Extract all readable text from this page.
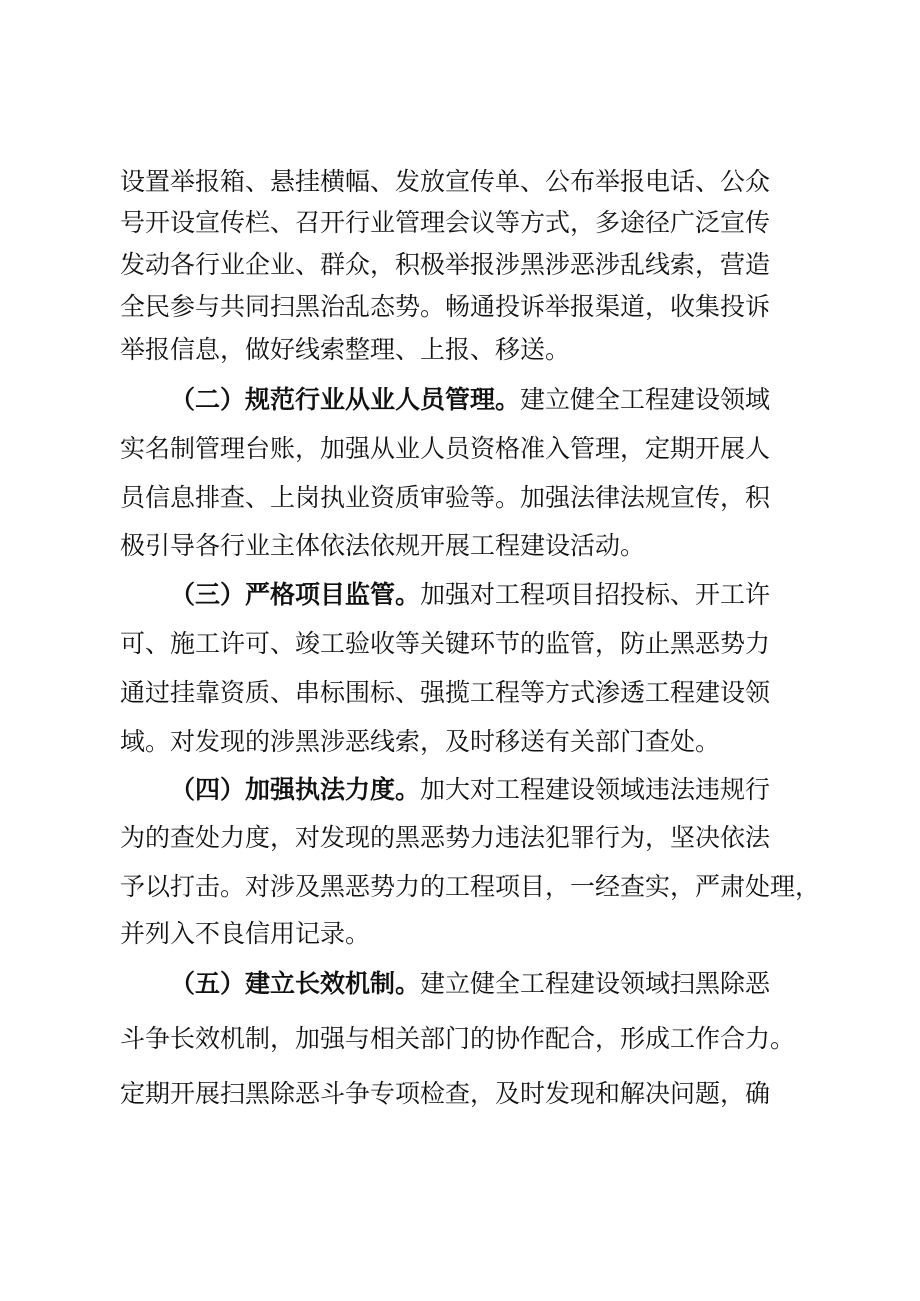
设置举报箱、悬挂横幅、发放宣传单、公布举报电话、公众
号开设宣传栏、召开行业管理会议等方式，多途径广泛宣传
发动各行业企业、群众，积极举报涉黑涉恶涉乱线索，营造
全民参与共同扫黑治乱态势。畅通投诉举报渠道，收集投诉
举报信息，做好线索整理、上报、移送。
（二）规范行业从业人员管理。建立健全工程建设领域
实名制管理台账，加强从业人员资格准入管理，定期开展人
员信息排查、上岗执业资质审验等。加强法律法规宣传，积
极引导各行业主体依法依规开展工程建设活动。
（三）严格项目监管。加强对工程项目招投标、开工许
可、施工许可、竣工验收等关键环节的监管，防止黑恶势力
通过挂靠资质、串标围标、强揽工程等方式渗透工程建设领
域。对发现的涉黑涉恶线索，及时移送有关部门查处。
（四）加强执法力度。加大对工程建设领域违法违规行
为的查处力度，对发现的黑恶势力违法犯罪行为，坚决依法
予以打击。对涉及黑恶势力的工程项目，一经查实，严肃处理，
并列入不良信用记录。
（五）建立长效机制。建立健全工程建设领域扫黑除恶
斗争长效机制，加强与相关部门的协作配合，形成工作合力。
定期开展扫黑除恶斗争专项检查，及时发现和解决问题，确
